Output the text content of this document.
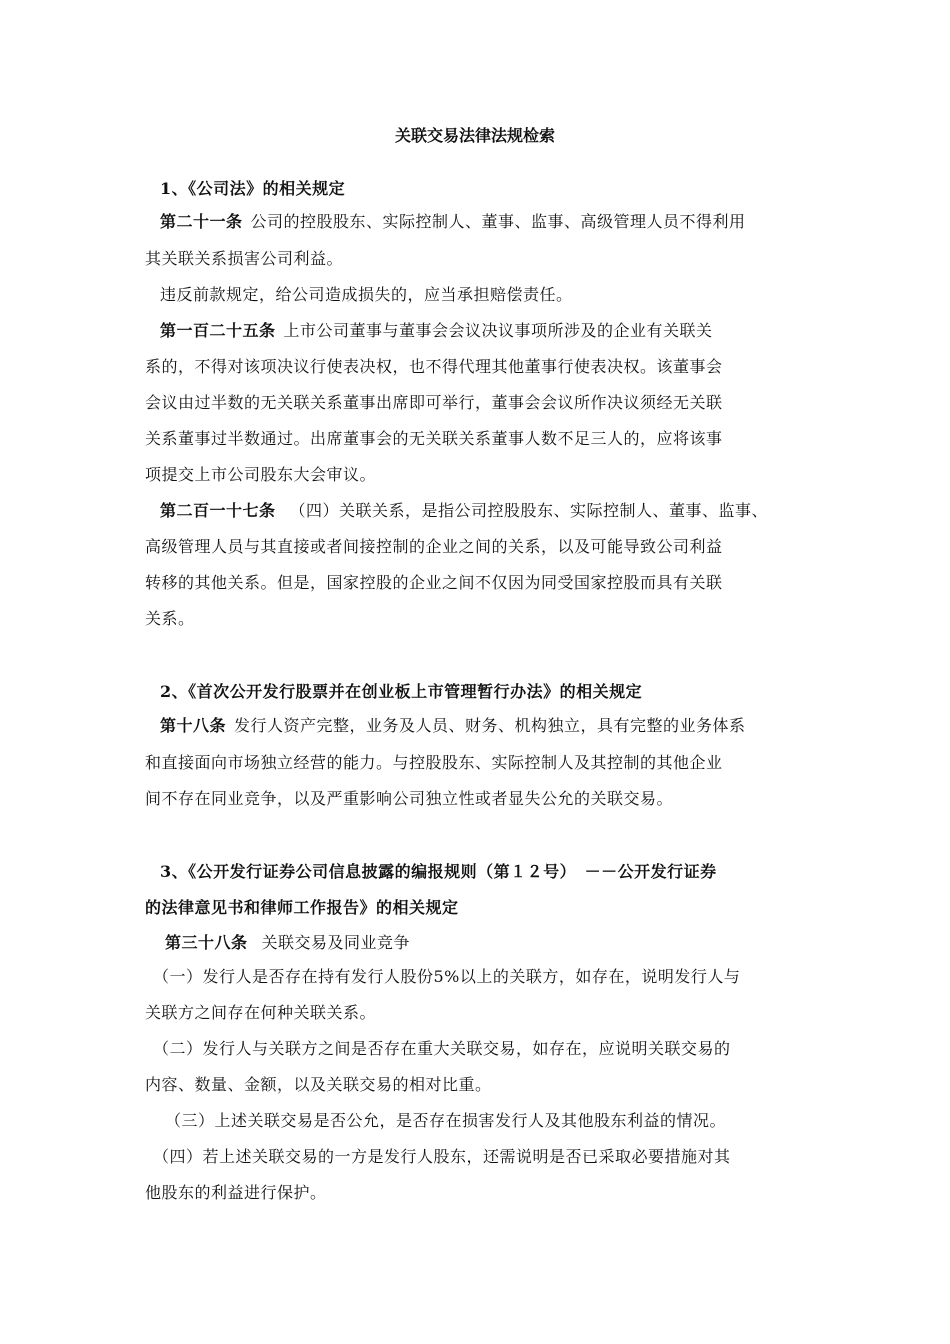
关联交易法律法规检索
1、《公司法》的相关规定
第二十一条 公司的控股股东、实际控制人、董事、监事、高级管理人员不得利用
其关联关系损害公司利益。
违反前款规定，给公司造成损失的，应当承担赔偿责任。
第一百二十五条 上市公司董事与董事会会议决议事项所涉及的企业有关联关
系的，不得对该项决议行使表决权，也不得代理其他董事行使表决权。该董事会
会议由过半数的无关联关系董事出席即可举行，董事会会议所作决议须经无关联
关系董事过半数通过。出席董事会的无关联关系董事人数不足三人的，应将该事
项提交上市公司股东大会审议。
第二百一十七条 （四）关联关系，是指公司控股股东、实际控制人、董事、监事、
高级管理人员与其直接或者间接控制的企业之间的关系，以及可能导致公司利益
转移的其他关系。但是，国家控股的企业之间不仅因为同受国家控股而具有关联
关系。
2、《首次公开发行股票并在创业板上市管理暂行办法》的相关规定
第十八条 发行人资产完整，业务及人员、财务、机构独立，具有完整的业务体系
和直接面向市场独立经营的能力。与控股股东、实际控制人及其控制的其他企业
间不存在同业竞争，以及严重影响公司独立性或者显失公允的关联交易。
3、《公开发行证券公司信息披露的编报规则（第１２号）　－－公开发行证券
的法律意见书和律师工作报告》的相关规定
第三十八条 关联交易及同业竞争
（一）发行人是否存在持有发行人股份5%以上的关联方，如存在，说明发行人与
关联方之间存在何种关联关系。
（二）发行人与关联方之间是否存在重大关联交易，如存在，应说明关联交易的
内容、数量、金额，以及关联交易的相对比重。
（三）上述关联交易是否公允，是否存在损害发行人及其他股东利益的情况。
（四）若上述关联交易的一方是发行人股东，还需说明是否已采取必要措施对其
他股东的利益进行保护。
